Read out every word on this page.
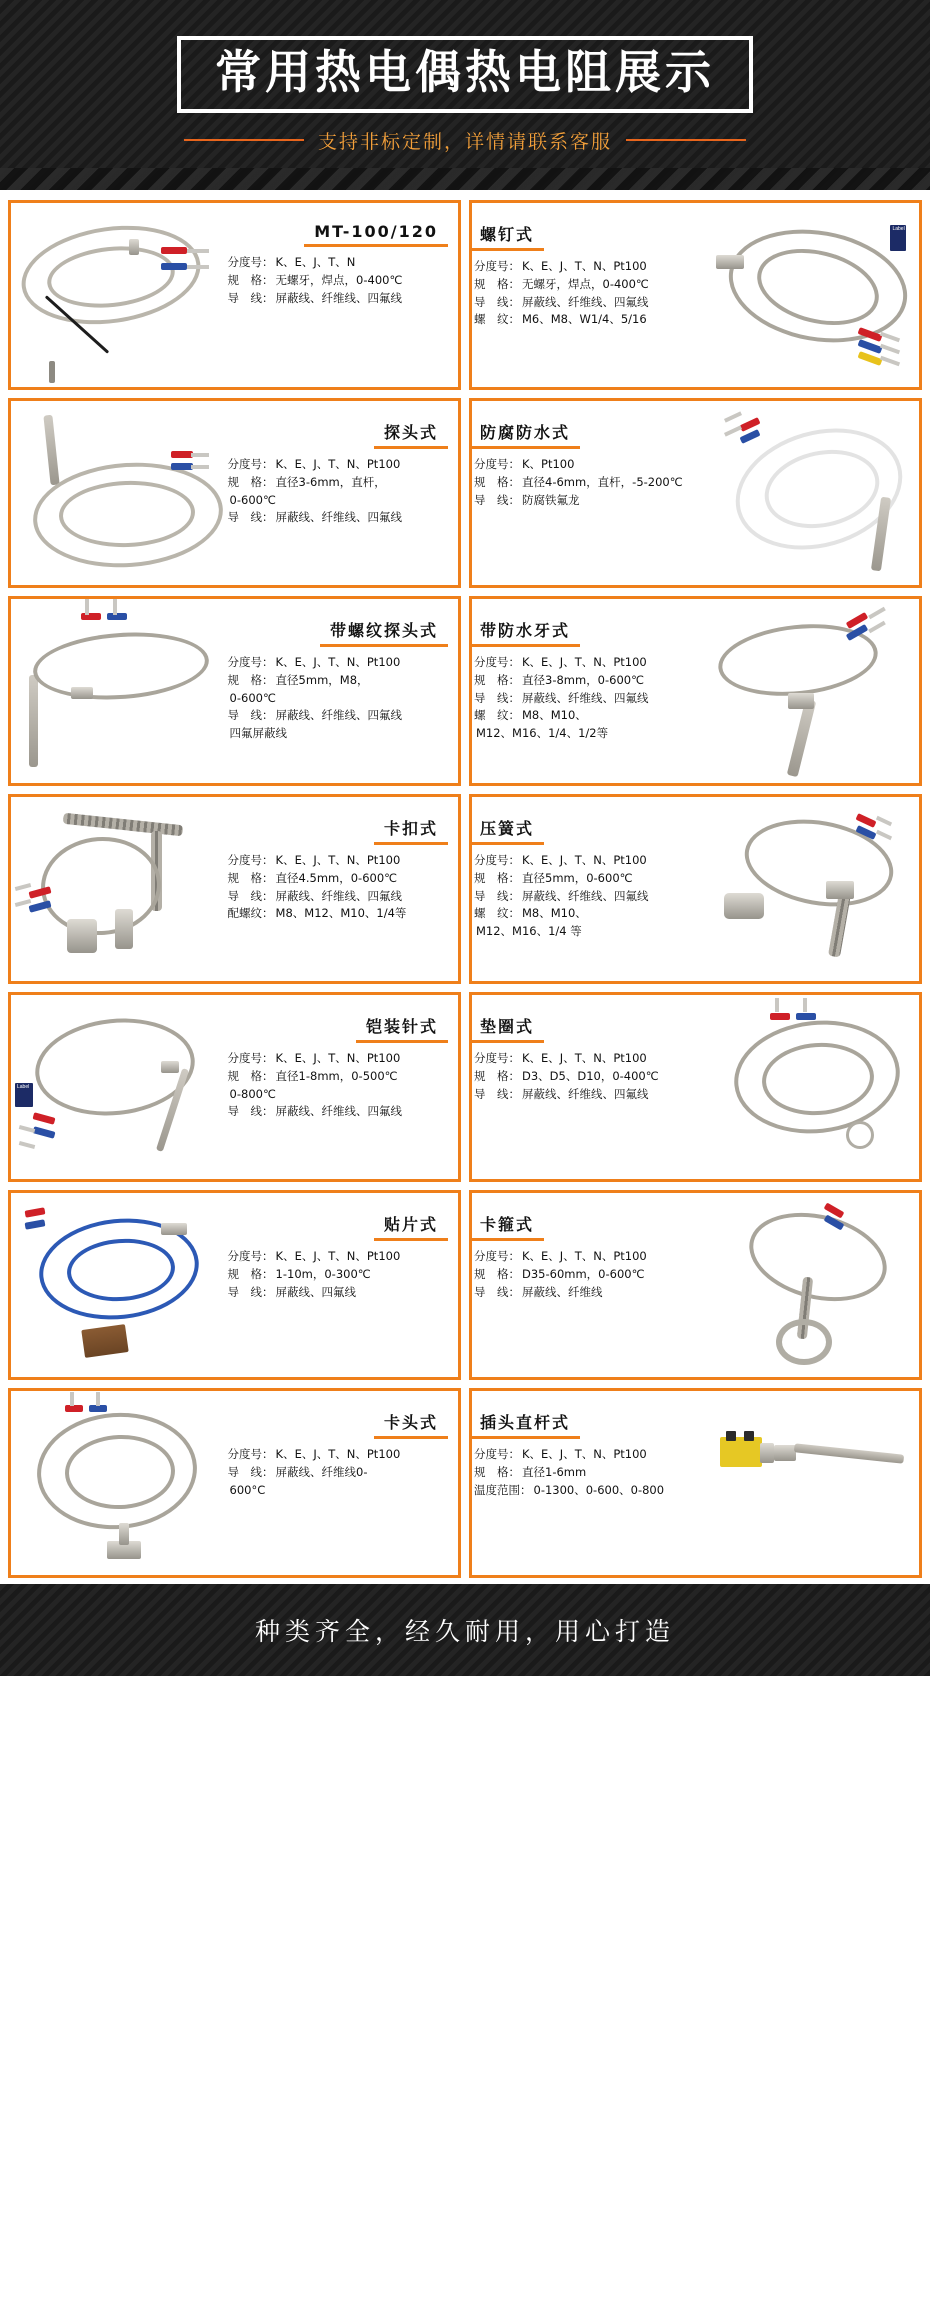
常用热电偶热电阻展示
支持非标定制，详情请联系客服
MT-100/120
分度号： K、E、J、T、N
规　格： 无螺牙，焊点，0-400℃
导　线： 屏蔽线、纤维线、四氟线
Label
螺钉式
分度号： K、E、J、T、N、Pt100
规　格： 无螺牙，焊点，0-400℃
导　线： 屏蔽线、纤维线、四氟线
螺　纹： M6、M8、W1/4、5/16
探头式
分度号： K、E、J、T、N、Pt100
规　格： 直径3-6mm，直杆，
0-600℃
导　线： 屏蔽线、纤维线、四氟线
防腐防水式
分度号： K、Pt100
规　格： 直径4-6mm，直杆，-5-200℃
导　线： 防腐铁氟龙
带螺纹探头式
分度号： K、E、J、T、N、Pt100
规　格： 直径5mm，M8，
0-600℃
导　线： 屏蔽线、纤维线、四氟线
四氟屏蔽线
带防水牙式
分度号： K、E、J、T、N、Pt100
规　格： 直径3-8mm，0-600℃
导　线： 屏蔽线、纤维线、四氟线
螺　纹： M8、M10、
M12、M16、1/4、1/2等
卡扣式
分度号： K、E、J、T、N、Pt100
规　格： 直径4.5mm，0-600℃
导　线： 屏蔽线、纤维线、四氟线
配螺纹： M8、M12、M10、1/4等
压簧式
分度号： K、E、J、T、N、Pt100
规　格： 直径5mm，0-600℃
导　线： 屏蔽线、纤维线、四氟线
螺　纹： M8、M10、
M12、M16、1/4 等
Label
铠装针式
分度号： K、E、J、T、N、Pt100
规　格： 直径1-8mm，0-500℃
0-800℃
导　线： 屏蔽线、纤维线、四氟线
垫圈式
分度号： K、E、J、T、N、Pt100
规　格： D3、D5、D10，0-400℃
导　线： 屏蔽线、纤维线、四氟线
贴片式
分度号： K、E、J、T、N、Pt100
规　格： 1-10m，0-300℃
导　线： 屏蔽线、四氟线
卡箍式
分度号： K、E、J、T、N、Pt100
规　格： D35-60mm，0-600℃
导　线： 屏蔽线、纤维线
卡头式
分度号： K、E、J、T、N、Pt100
导　线： 屏蔽线、纤维线0-
600°C
插头直杆式
分度号： K、E、J、T、N、Pt100
规　格： 直径1-6mm
温度范围： 0-1300、0-600、0-800
种类齐全，经久耐用，用心打造
